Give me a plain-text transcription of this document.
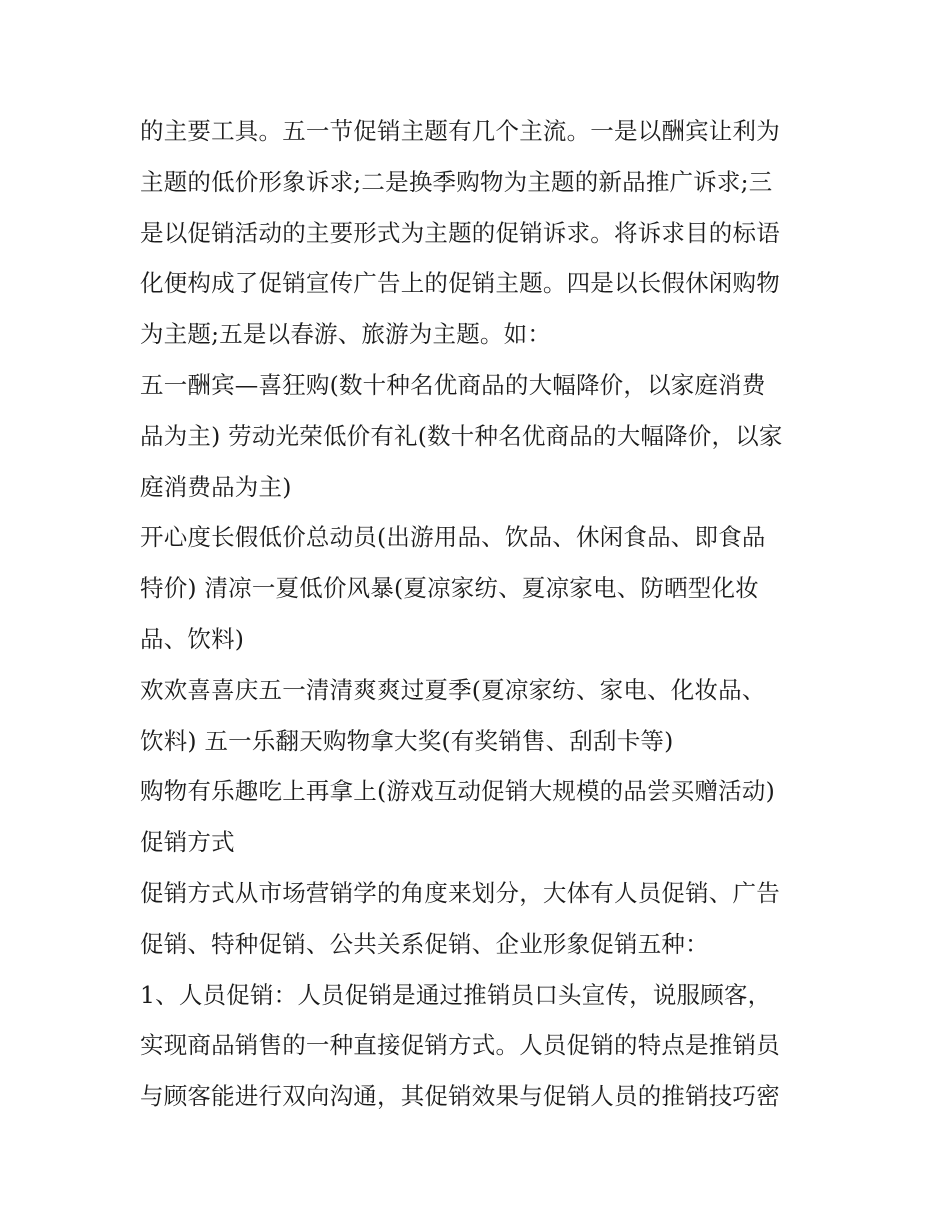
的主要工具。五一节促销主题有几个主流。一是以酬宾让利为
主题的低价形象诉求;二是换季购物为主题的新品推广诉求;三
是以促销活动的主要形式为主题的促销诉求。将诉求目的标语
化便构成了促销宣传广告上的促销主题。四是以长假休闲购物
为主题;五是以春游、旅游为主题。如：
五一酬宾—喜狂购(数十种名优商品的大幅降价，以家庭消费
品为主) 劳动光荣低价有礼(数十种名优商品的大幅降价，以家
庭消费品为主)
开心度长假低价总动员(出游用品、饮品、休闲食品、即食品
特价) 清凉一夏低价风暴(夏凉家纺、夏凉家电、防晒型化妆
品、饮料)
欢欢喜喜庆五一清清爽爽过夏季(夏凉家纺、家电、化妆品、
饮料) 五一乐翻天购物拿大奖(有奖销售、刮刮卡等)
购物有乐趣吃上再拿上(游戏互动促销大规模的品尝买赠活动)
促销方式
促销方式从市场营销学的角度来划分，大体有人员促销、广告
促销、特种促销、公共关系促销、企业形象促销五种：
1、人员促销：人员促销是通过推销员口头宣传，说服顾客，
实现商品销售的一种直接促销方式。人员促销的特点是推销员
与顾客能进行双向沟通，其促销效果与促销人员的推销技巧密
